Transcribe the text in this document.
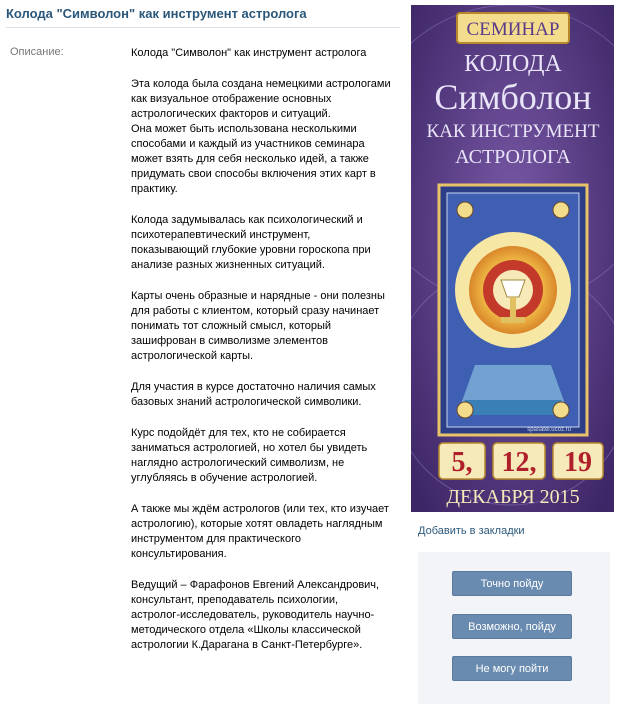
Колода "Символон" как инструмент астролога
Описание:	Колода "Символон" как инструмент астролога

Эта колода была создана немецкими астрологами
как визуальное отображение основных
астрологических факторов и ситуаций.
Она может быть использована несколькими
способами и каждый из участников семинара
может взять для себя несколько идей, а также
придумать свои способы включения этих карт в
практику.

Колода задумывалась как психологический и
психотерапевтический инструмент,
показывающий глубокие уровни гороскопа при
анализе разных жизненных ситуаций.

Карты очень образные и нарядные - они полезны
для работы с клиентом, который сразу начинает
понимать тот сложный смысл, который
зашифрован в символизме элементов
астрологической карты.

Для участия в курсе достаточно наличия самых
базовых знаний астрологической символики.

Курс подойдёт для тех, кто не собирается
заниматься астрологией, но хотел бы увидеть
наглядно астрологический символизм, не
углубляясь в обучение астрологией.

А также мы ждём астрологов (или тех, кто изучает
астрологию), которые хотят овладеть наглядным
инструментом для практического
консультирования.

Ведущий – Фарафонов Евгений Александрович,
консультант, преподаватель психологии,
астролог-исследователь, руководитель научно-
методического отдела «Школы классической
астрологии К.Дарагана в Санкт-Петербурге».

СЕМИНАР
КОЛОДА
Симболон
КАК ИНСТРУМЕНТ
АСТРОЛОГА
spasatel.ucoz.ru
5, 12, 19
ДЕКАБРЯ 2015
Добавить в закладки
Точно пойду
Возможно, пойду
Не могу пойти
